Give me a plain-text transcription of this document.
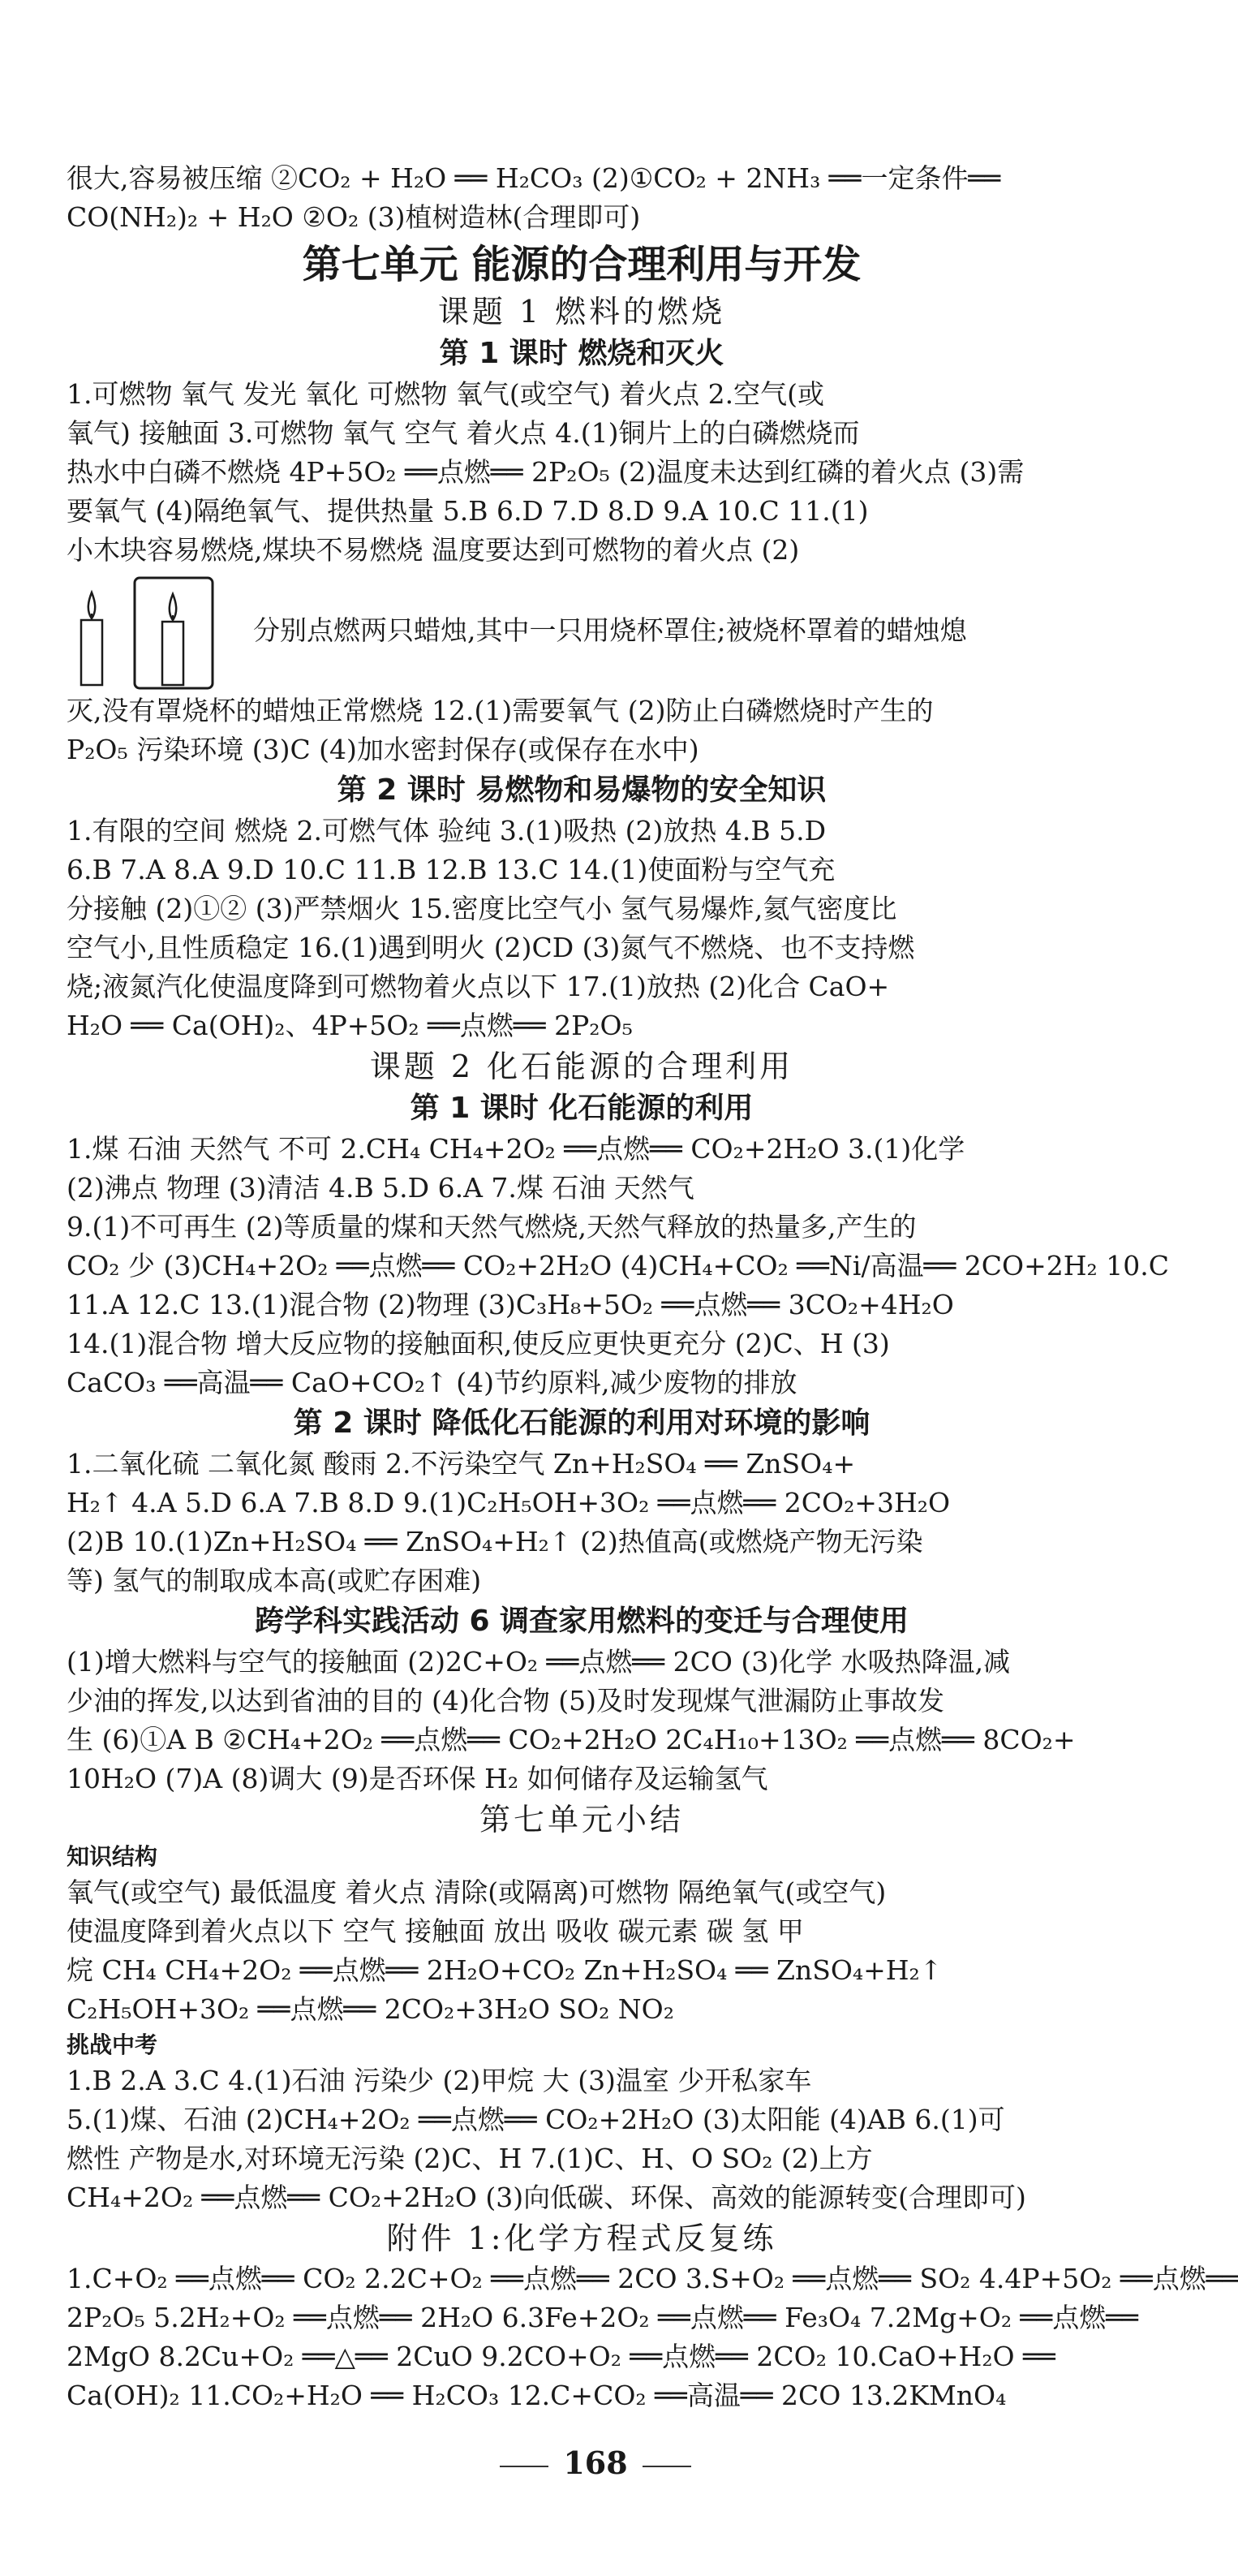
很大,容易被压缩 ②CO₂ + H₂O ══ H₂CO₃ (2)①CO₂ + 2NH₃ ══一定条件══
CO(NH₂)₂ + H₂O ②O₂ (3)植树造林(合理即可)
第七单元 能源的合理利用与开发
课题 1 燃料的燃烧
第 1 课时 燃烧和灭火
1.可燃物 氧气 发光 氧化 可燃物 氧气(或空气) 着火点 2.空气(或
氧气) 接触面 3.可燃物 氧气 空气 着火点 4.(1)铜片上的白磷燃烧而
热水中白磷不燃烧 4P+5O₂ ══点燃══ 2P₂O₅ (2)温度未达到红磷的着火点 (3)需
要氧气 (4)隔绝氧气、提供热量 5.B 6.D 7.D 8.D 9.A 10.C 11.(1)
小木块容易燃烧,煤块不易燃烧 温度要达到可燃物的着火点 (2)
分别点燃两只蜡烛,其中一只用烧杯罩住;被烧杯罩着的蜡烛熄
灭,没有罩烧杯的蜡烛正常燃烧 12.(1)需要氧气 (2)防止白磷燃烧时产生的
P₂O₅ 污染环境 (3)C (4)加水密封保存(或保存在水中)
第 2 课时 易燃物和易爆物的安全知识
1.有限的空间 燃烧 2.可燃气体 验纯 3.(1)吸热 (2)放热 4.B 5.D
6.B 7.A 8.A 9.D 10.C 11.B 12.B 13.C 14.(1)使面粉与空气充
分接触 (2)①② (3)严禁烟火 15.密度比空气小 氢气易爆炸,氦气密度比
空气小,且性质稳定 16.(1)遇到明火 (2)CD (3)氮气不燃烧、也不支持燃
烧;液氮汽化使温度降到可燃物着火点以下 17.(1)放热 (2)化合 CaO+
H₂O ══ Ca(OH)₂、4P+5O₂ ══点燃══ 2P₂O₅
课题 2 化石能源的合理利用
第 1 课时 化石能源的利用
1.煤 石油 天然气 不可 2.CH₄ CH₄+2O₂ ══点燃══ CO₂+2H₂O 3.(1)化学
(2)沸点 物理 (3)清洁 4.B 5.D 6.A 7.煤 石油 天然气
9.(1)不可再生 (2)等质量的煤和天然气燃烧,天然气释放的热量多,产生的
CO₂ 少 (3)CH₄+2O₂ ══点燃══ CO₂+2H₂O (4)CH₄+CO₂ ══Ni/高温══ 2CO+2H₂ 10.C
11.A 12.C 13.(1)混合物 (2)物理 (3)C₃H₈+5O₂ ══点燃══ 3CO₂+4H₂O
14.(1)混合物 增大反应物的接触面积,使反应更快更充分 (2)C、H (3)
CaCO₃ ══高温══ CaO+CO₂↑ (4)节约原料,减少废物的排放
第 2 课时 降低化石能源的利用对环境的影响
1.二氧化硫 二氧化氮 酸雨 2.不污染空气 Zn+H₂SO₄ ══ ZnSO₄+
H₂↑ 4.A 5.D 6.A 7.B 8.D 9.(1)C₂H₅OH+3O₂ ══点燃══ 2CO₂+3H₂O
(2)B 10.(1)Zn+H₂SO₄ ══ ZnSO₄+H₂↑ (2)热值高(或燃烧产物无污染
等) 氢气的制取成本高(或贮存困难)
跨学科实践活动 6 调查家用燃料的变迁与合理使用
(1)增大燃料与空气的接触面 (2)2C+O₂ ══点燃══ 2CO (3)化学 水吸热降温,减
少油的挥发,以达到省油的目的 (4)化合物 (5)及时发现煤气泄漏防止事故发
生 (6)①A B ②CH₄+2O₂ ══点燃══ CO₂+2H₂O 2C₄H₁₀+13O₂ ══点燃══ 8CO₂+
10H₂O (7)A (8)调大 (9)是否环保 H₂ 如何储存及运输氢气
第七单元小结
知识结构
氧气(或空气) 最低温度 着火点 清除(或隔离)可燃物 隔绝氧气(或空气)
使温度降到着火点以下 空气 接触面 放出 吸收 碳元素 碳 氢 甲
烷 CH₄ CH₄+2O₂ ══点燃══ 2H₂O+CO₂ Zn+H₂SO₄ ══ ZnSO₄+H₂↑
C₂H₅OH+3O₂ ══点燃══ 2CO₂+3H₂O SO₂ NO₂
挑战中考
1.B 2.A 3.C 4.(1)石油 污染少 (2)甲烷 大 (3)温室 少开私家车
5.(1)煤、石油 (2)CH₄+2O₂ ══点燃══ CO₂+2H₂O (3)太阳能 (4)AB 6.(1)可
燃性 产物是水,对环境无污染 (2)C、H 7.(1)C、H、O SO₂ (2)上方
CH₄+2O₂ ══点燃══ CO₂+2H₂O (3)向低碳、环保、高效的能源转变(合理即可)
附件 1:化学方程式反复练
1.C+O₂ ══点燃══ CO₂ 2.2C+O₂ ══点燃══ 2CO 3.S+O₂ ══点燃══ SO₂ 4.4P+5O₂ ══点燃══
2P₂O₅ 5.2H₂+O₂ ══点燃══ 2H₂O 6.3Fe+2O₂ ══点燃══ Fe₃O₄ 7.2Mg+O₂ ══点燃══
2MgO 8.2Cu+O₂ ══△══ 2CuO 9.2CO+O₂ ══点燃══ 2CO₂ 10.CaO+H₂O ══
Ca(OH)₂ 11.CO₂+H₂O ══ H₂CO₃ 12.C+CO₂ ══高温══ 2CO 13.2KMnO₄
168
